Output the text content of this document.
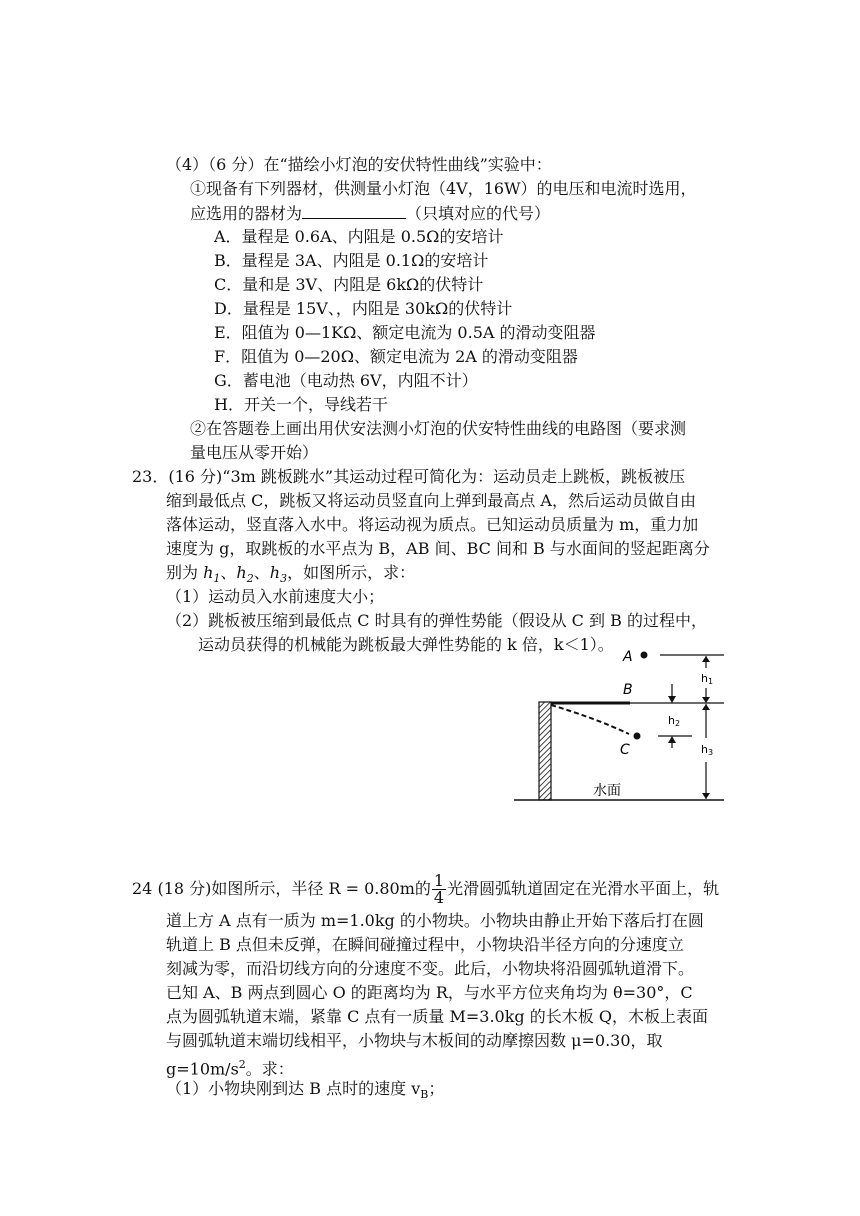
（4）（6 分）在“描绘小灯泡的安伏特性曲线”实验中：
①现备有下列器材，供测量小灯泡（4V，16W）的电压和电流时选用，
应选用的器材为	（只填对应的代号）
A．量程是 0.6A、内阻是 0.5Ω的安培计
B．量程是 3A、内阻是 0.1Ω的安培计
C．量和是 3V、内阻是 6kΩ的伏特计
D．量程是 15V、，内阻是 30kΩ的伏特计
E．阻值为 0—1KΩ、额定电流为 0.5A 的滑动变阻器
F．阻值为 0—20Ω、额定电流为 2A 的滑动变阻器
G．蓄电池（电动热 6V，内阻不计）
H．开关一个，导线若干
②在答题卷上画出用伏安法测小灯泡的伏安特性曲线的电路图（要求测
量电压从零开始）
23．(16 分)“3m 跳板跳水”其运动过程可简化为：运动员走上跳板，跳板被压
缩到最低点 C，跳板又将运动员竖直向上弹到最高点 A，然后运动员做自由
落体运动，竖直落入水中。将运动视为质点。已知运动员质量为 m，重力加
速度为 g，取跳板的水平点为 B，AB 间、BC 间和 B 与水面间的竖起距离分
别为 $h_1$、$h_2$、$h_3$，如图所示，求：
（1）运动员入水前速度大小；
（2）跳板被压缩到最低点 C 时具有的弹性势能（假设从 C 到 B 的过程中，
运动员获得的机械能为跳板最大弹性势能的 k 倍，k＜1）。
A
B
C
h1
h2
h3
水面
24 (18 分)如图所示，半径 R = 0.80m的 $\frac{1}{4}$ 光滑圆弧轨道固定在光滑水平面上，轨
道上方 A 点有一质为 m=1.0kg 的小物块。小物块由静止开始下落后打在圆
轨道上 B 点但未反弹，在瞬间碰撞过程中，小物块沿半径方向的分速度立
刻减为零，而沿切线方向的分速度不变。此后，小物块将沿圆弧轨道滑下。
已知 A、B 两点到圆心 O 的距离均为 R，与水平方位夹角均为 θ=30°，C
点为圆弧轨道末端，紧靠 C 点有一质量 M=3.0kg 的长木板 Q，木板上表面
与圆弧轨道末端切线相平，小物块与木板间的动摩擦因数 μ=0.30，取
$g=10m/s^2$。求：
（1）小物块刚到达 B 点时的速度 $v_B$；
